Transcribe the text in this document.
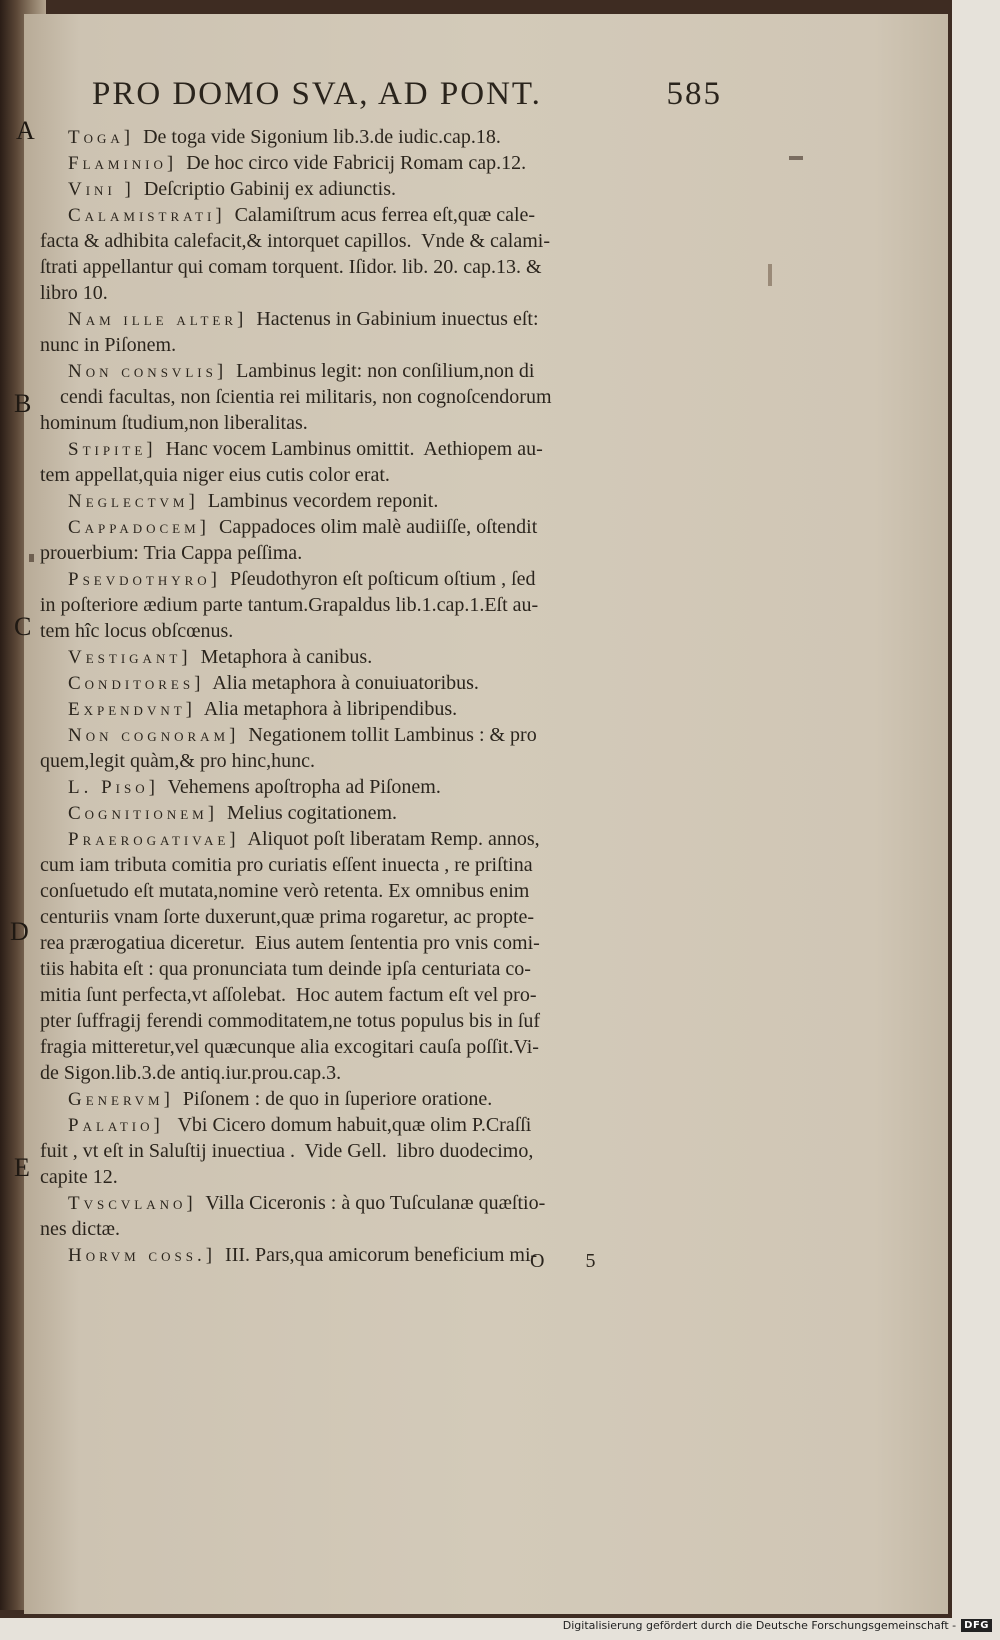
PRO DOMO SVA, AD PONT.	585
A
B
C
D
E
Toga] De toga vide Sigonium lib.3.de iudic.cap.18.
Flaminio] De hoc circo vide Fabricij Romam cap.12.
Vini ] Deſcriptio Gabinij ex adiunctis.
Calamistrati] Calamiſtrum acus ferrea eſt,quæ cale-
facta & adhibita calefacit,& intorquet capillos.  Vnde & calami-
ſtrati appellantur qui comam torquent. Iſidor. lib. 20. cap.13. &
libro 10.
Nam ille alter] Hactenus in Gabinium inuectus eſt:
nunc in Piſonem.
Non consvlis] Lambinus legit: non conſilium,non di
cendi facultas, non ſcientia rei militaris, non cognoſcendorum
hominum ſtudium,non liberalitas.
Stipite] Hanc vocem Lambinus omittit.  Aethiopem au-
tem appellat,quia niger eius cutis color erat.
Neglectvm] Lambinus vecordem reponit.
Cappadocem] Cappadoces olim malè audiiſſe, oſtendit
prouerbium: Tria Cappa peſſima.
Psevdothyro] Pſeudothyron eſt poſticum oſtium , ſed
in poſteriore ædium parte tantum.Grapaldus lib.1.cap.1.Eſt au-
tem hîc locus obſcœnus.
Vestigant] Metaphora à canibus.
Conditores] Alia metaphora à conuiuatoribus.
Expendvnt] Alia metaphora à libripendibus.
Non cognoram] Negationem tollit Lambinus : & pro
quem,legit quàm,& pro hinc,hunc.
L. Piso] Vehemens apoſtropha ad Piſonem.
Cognitionem] Melius cogitationem.
Praerogativae] Aliquot poſt liberatam Remp. annos,
cum iam tributa comitia pro curiatis eſſent inuecta , re priſtina
conſuetudo eſt mutata,nomine verò retenta. Ex omnibus enim
centuriis vnam ſorte duxerunt,quæ prima rogaretur, ac propte-
rea prærogatiua diceretur.  Eius autem ſententia pro vnis comi-
tiis habita eſt : qua pronunciata tum deinde ipſa centuriata co-
mitia ſunt perfecta,vt aſſolebat.  Hoc autem factum eſt vel pro-
pter ſuffragij ferendi commoditatem,ne totus populus bis in ſuf
fragia mitteretur,vel quæcunque alia excogitari cauſa poſſit.Vi-
de Sigon.lib.3.de antiq.iur.prou.cap.3.
Genervm] Piſonem : de quo in ſuperiore oratione.
Palatio]  Vbi Cicero domum habuit,quæ olim P.Craſſi
fuit , vt eſt in Saluſtij inuectiua .  Vide Gell.  libro duodecimo,
capite 12.
Tvscvlano] Villa Ciceronis : à quo Tuſculanæ quæſtio-
nes dictæ.
Horvm coss.] III. Pars,qua amicorum beneficium mi-
O 5
Digitalisierung gefördert durch die Deutsche Forschungsgemeinschaft - DFG
